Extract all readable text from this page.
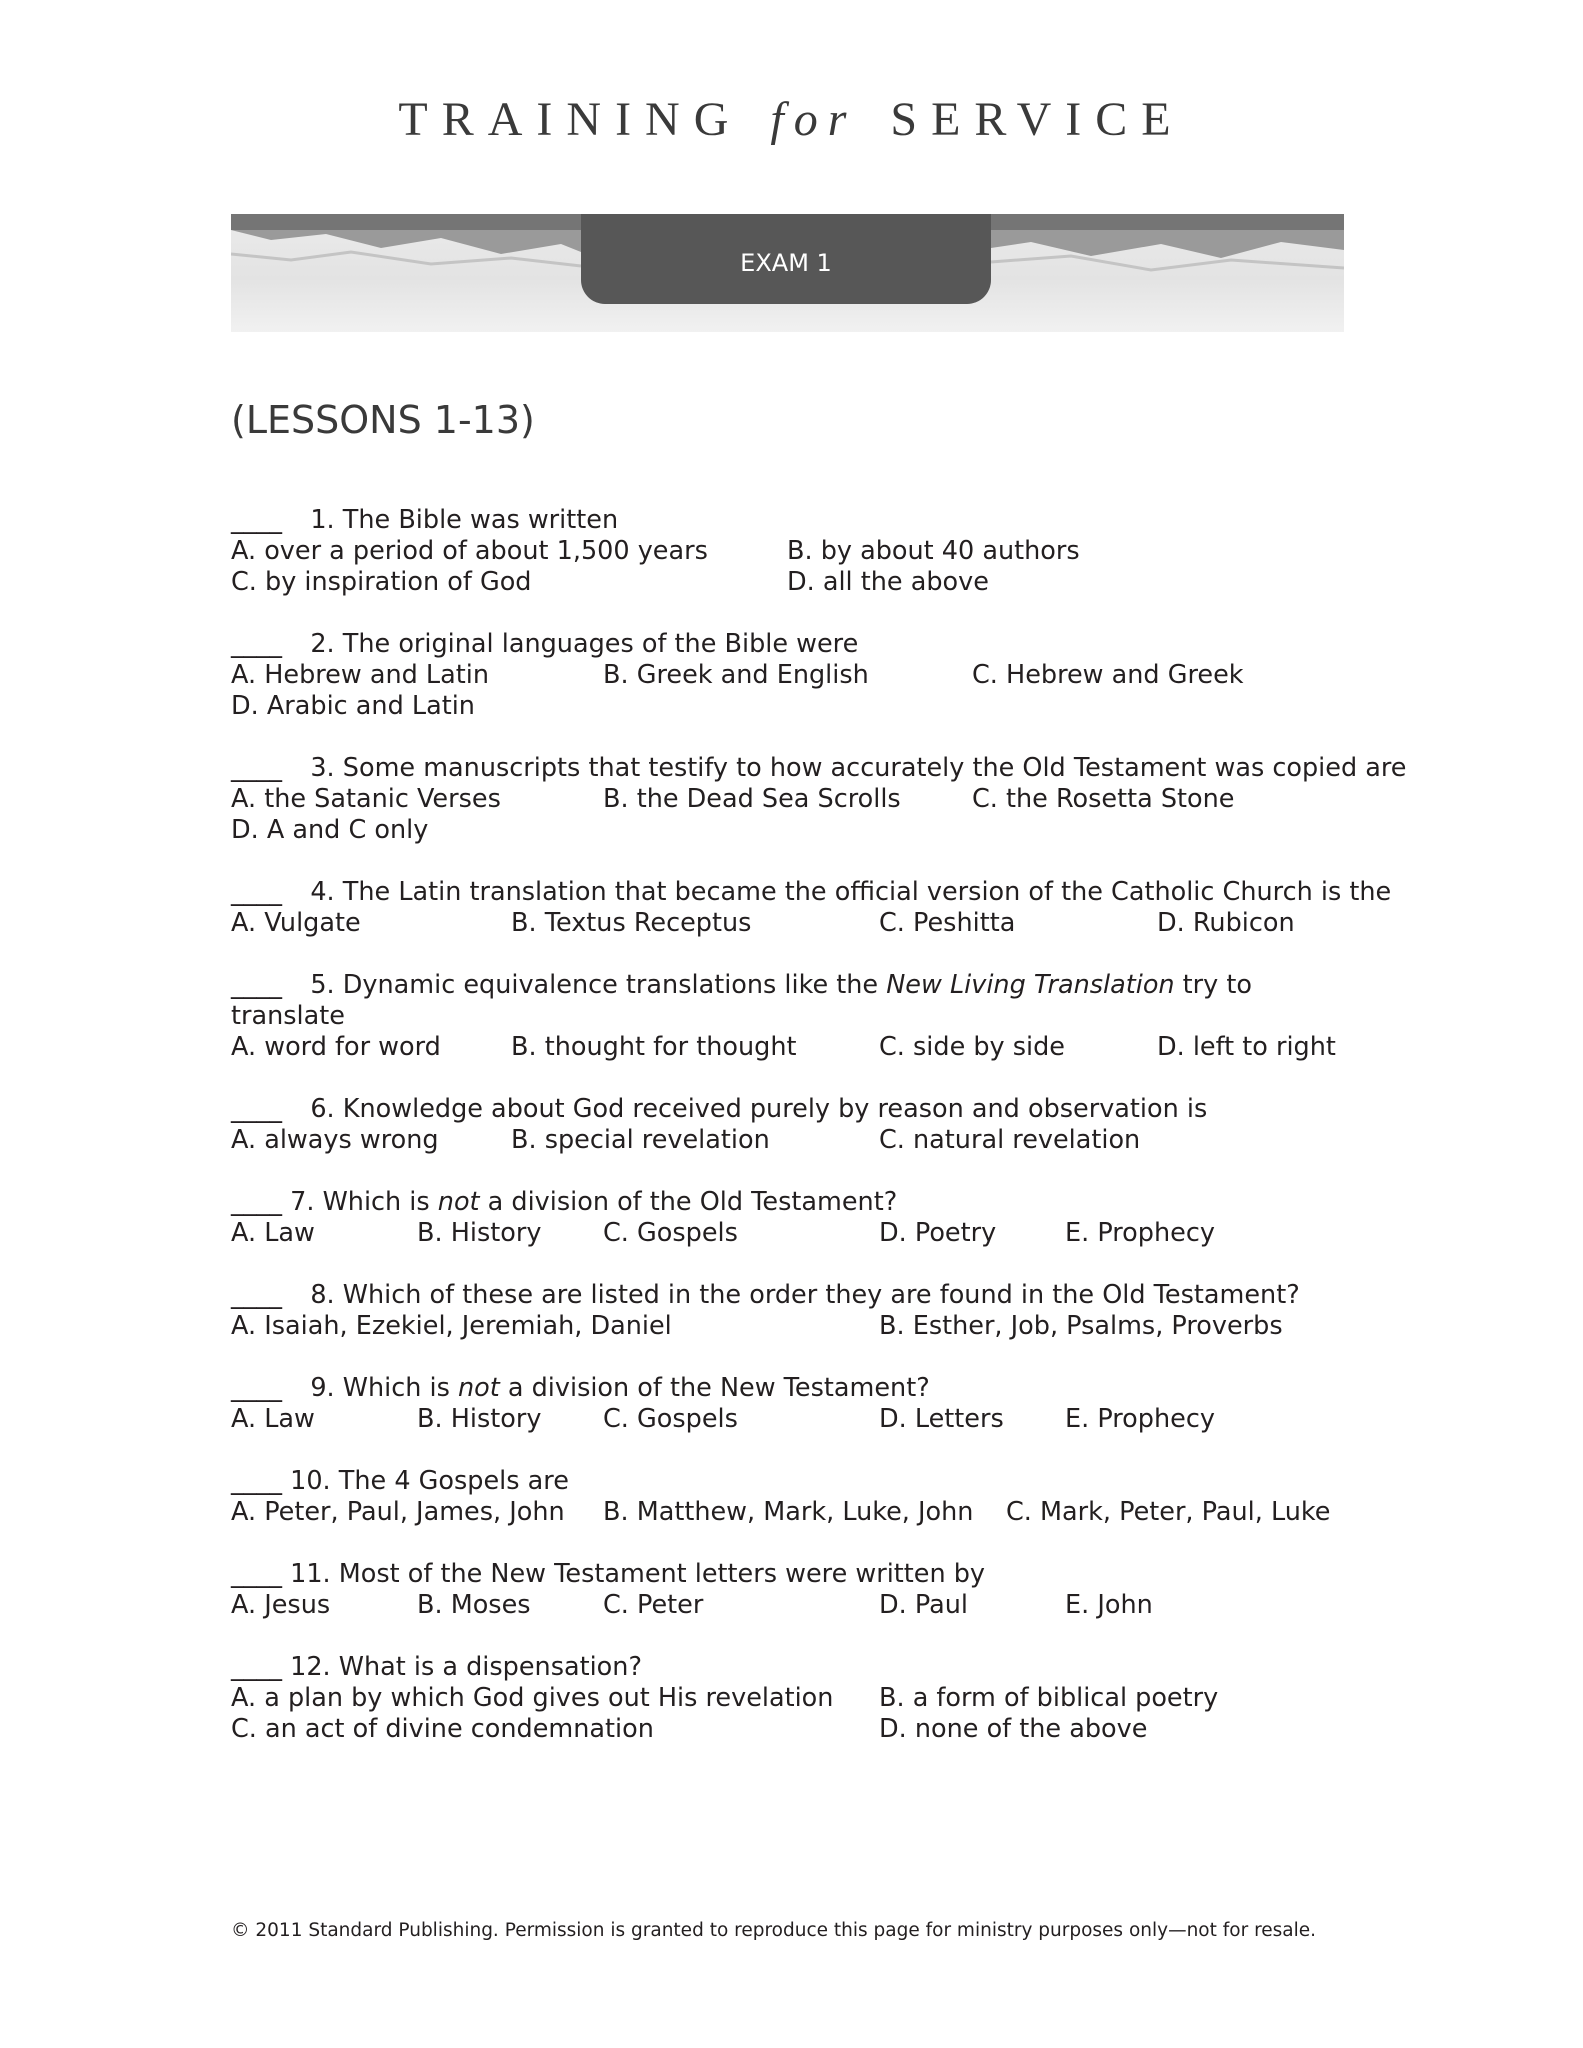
TRAINING for SERVICE
EXAM 1
(LESSONS 1-13)
____ 1. The Bible was written
A. over a period of about 1,500 years	B. by about 40 authors
C. by inspiration of God	D. all the above
____ 2. The original languages of the Bible were
A. Hebrew and Latin	B. Greek and English	C. Hebrew and Greek
D. Arabic and Latin
____ 3. Some manuscripts that testify to how accurately the Old Testament was copied are
A. the Satanic Verses	B. the Dead Sea Scrolls	C. the Rosetta Stone
D. A and C only
____ 4. The Latin translation that became the official version of the Catholic Church is the
A. Vulgate	B. Textus Receptus	C. Peshitta	D. Rubicon
____ 5. Dynamic equivalence translations like the New Living Translation try to translate
A. word for word	B. thought for thought	C. side by side	D. left to right
____ 6. Knowledge about God received purely by reason and observation is
A. always wrong	B. special revelation	C. natural revelation
____ 7. Which is not a division of the Old Testament?
A. Law	B. History C. Gospels	D. Poetry	E. Prophecy
____ 8. Which of these are listed in the order they are found in the Old Testament?
A. Isaiah, Ezekiel, Jeremiah, Daniel	B. Esther, Job, Psalms, Proverbs
____ 9. Which is not a division of the New Testament?
A. Law	B. History C. Gospels	D. Letters E. Prophecy
____ 10. The 4 Gospels are
A. Peter, Paul, James, John B. Matthew, Mark, Luke, John C. Mark, Peter, Paul, Luke
____ 11. Most of the New Testament letters were written by
A. Jesus	B. Moses	C. Peter	D. Paul	E. John
____ 12. What is a dispensation?
A. a plan by which God gives out His revelation B. a form of biblical poetry
C. an act of divine condemnation	D. none of the above
© 2011 Standard Publishing. Permission is granted to reproduce this page for ministry purposes only—not for resale.
